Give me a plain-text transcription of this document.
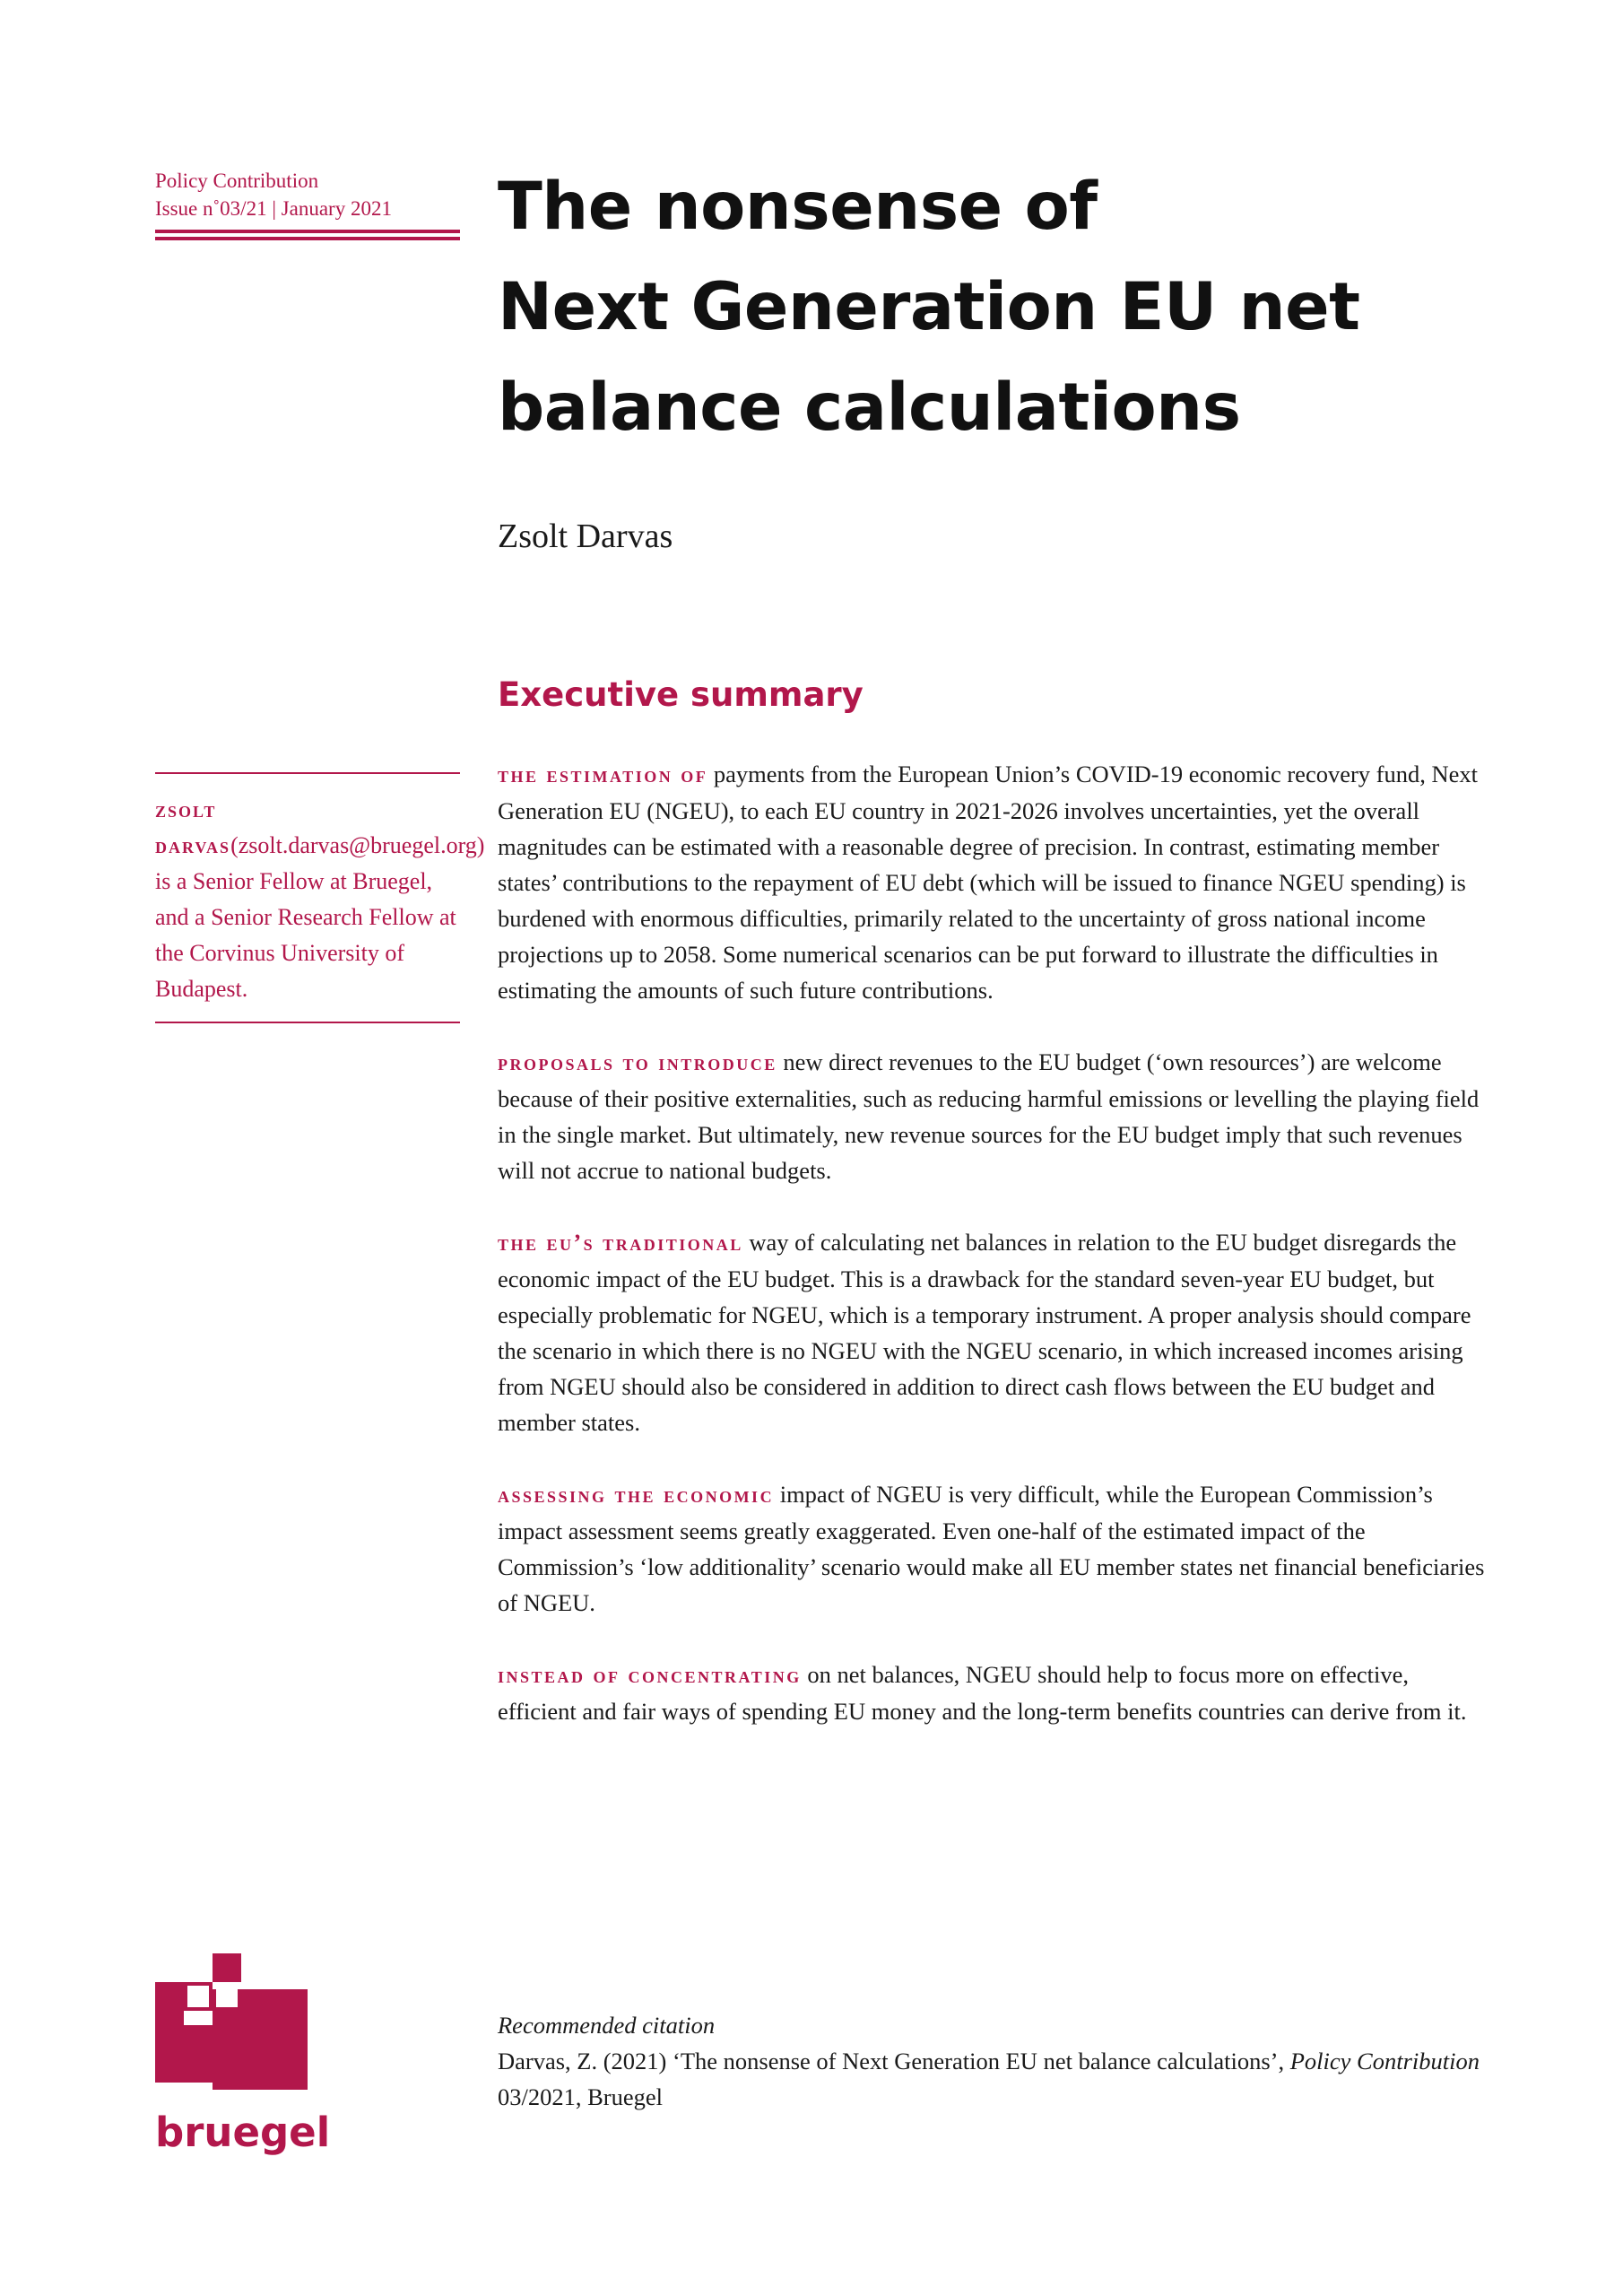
Policy Contribution
Issue n˚03/21 | January 2021	The nonsense of
Next Generation EU net
balance calculations
Zsolt Darvas
Executive summary
zsolt darvas(zsolt.darvas@bruegel.org) is a Senior Fellow at Bruegel, and a Senior Research Fellow at the Corvinus University of Budapest.

the estimation of payments from the European Union’s COVID-19 economic recovery fund, Next Generation EU (NGEU), to each EU country in 2021-2026 involves uncertainties, yet the overall magnitudes can be estimated with a reasonable degree of precision. In contrast, estimating member states’ contributions to the repayment of EU debt (which will be issued to finance NGEU spending) is burdened with enormous difficulties, primarily related to the uncertainty of gross national income projections up to 2058. Some numerical scenarios can be put forward to illustrate the difficulties in estimating the amounts of such future contributions.

proposals to introduce new direct revenues to the EU budget (‘own resources’) are welcome because of their positive externalities, such as reducing harmful emissions or levelling the playing field in the single market. But ultimately, new revenue sources for the EU budget imply that such revenues will not accrue to national budgets.

the eu’s traditional way of calculating net balances in relation to the EU budget disregards the economic impact of the EU budget. This is a drawback for the standard seven-year EU budget, but especially problematic for NGEU, which is a temporary instrument. A proper analysis should compare the scenario in which there is no NGEU with the NGEU scenario, in which increased incomes arising from NGEU should also be considered in addition to direct cash flows between the EU budget and member states.

assessing the economic impact of NGEU is very difficult, while the European Commission’s impact assessment seems greatly exaggerated. Even one-half of the estimated impact of the Commission’s ‘low additionality’ scenario would make all EU member states net financial beneficiaries of NGEU.

instead of concentrating on net balances, NGEU should help to focus more on effective, efficient and fair ways of spending EU money and the long-term benefits countries can derive from it.

bruegel
Recommended citation
Darvas, Z. (2021) ‘The nonsense of Next Generation EU net balance calculations’, Policy Contribution 03/2021, Bruegel
